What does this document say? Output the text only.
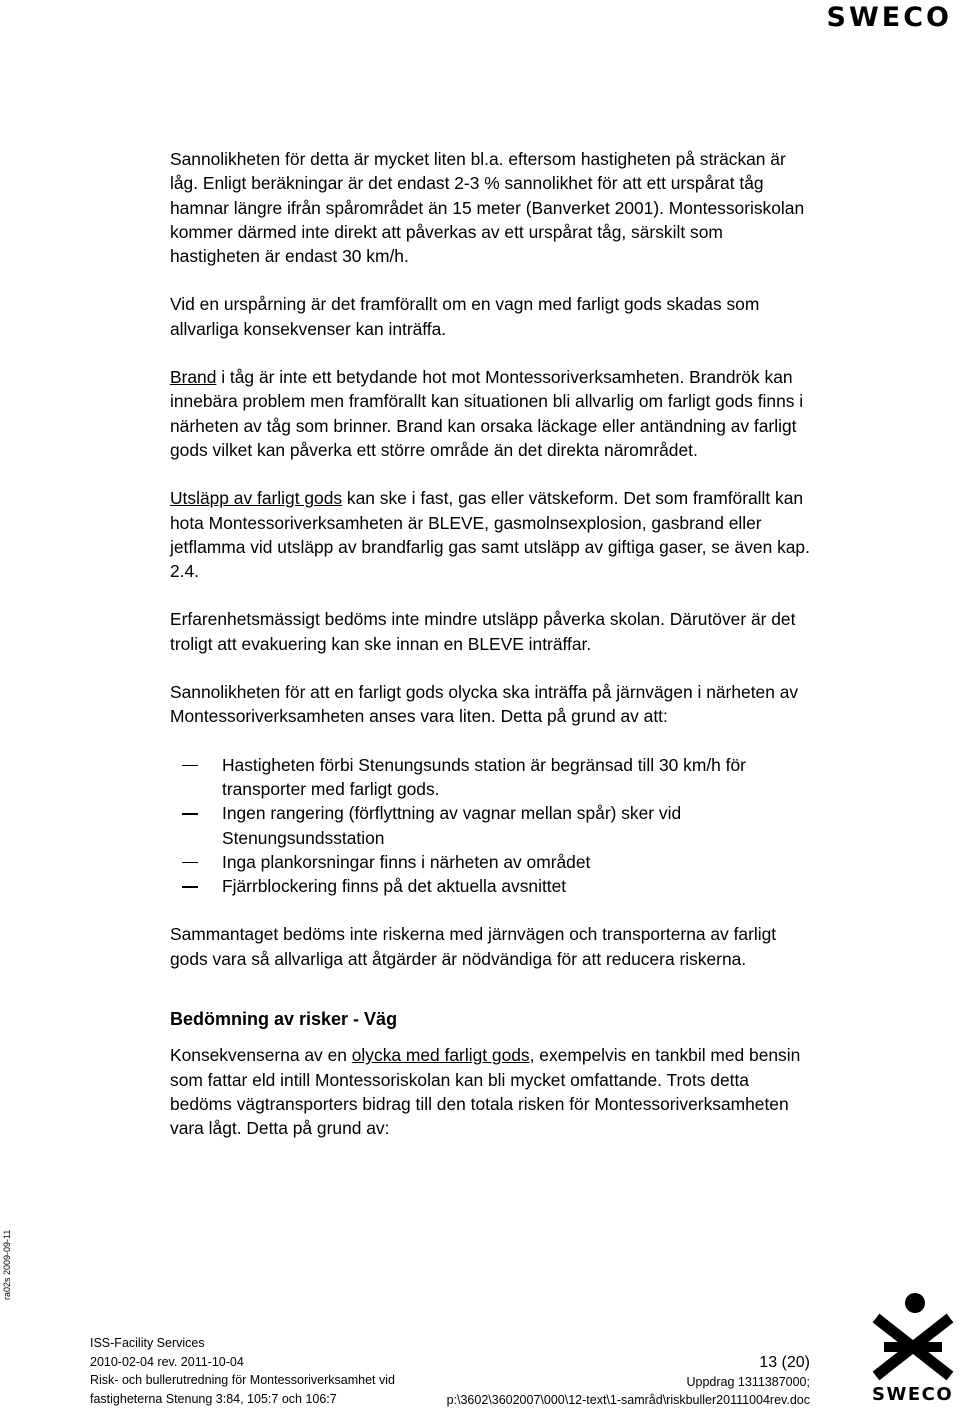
SWECO

Sannolikheten för detta är mycket liten bl.a. eftersom hastigheten på sträckan är låg. Enligt beräkningar är det endast 2-3 % sannolikhet för att ett urspårat tåg hamnar längre ifrån spårområdet än 15 meter (Banverket 2001). Montessoriskolan kommer därmed inte direkt att påverkas av ett urspårat tåg, särskilt som hastigheten är endast 30 km/h.

Vid en urspårning är det framförallt om en vagn med farligt gods skadas som allvarliga konsekvenser kan inträffa.

Brand i tåg är inte ett betydande hot mot Montessoriverksamheten. Brandrök kan innebära problem men framförallt kan situationen bli allvarlig om farligt gods finns i närheten av tåg som brinner. Brand kan orsaka läckage eller antändning av farligt gods vilket kan påverka ett större område än det direkta närområdet.

Utsläpp av farligt gods kan ske i fast, gas eller vätskeform. Det som framförallt kan hota Montessoriverksamheten är BLEVE, gasmolnsexplosion, gasbrand eller jetflamma vid utsläpp av brandfarlig gas samt utsläpp av giftiga gaser, se även kap. 2.4.

Erfarenhetsmässigt bedöms inte mindre utsläpp påverka skolan. Därutöver är det troligt att evakuering kan ske innan en BLEVE inträffar.

Sannolikheten för att en farligt gods olycka ska inträffa på järnvägen i närheten av Montessoriverksamheten anses vara liten. Detta på grund av att:

Hastigheten förbi Stenungsunds station är begränsad till 30 km/h för transporter med farligt gods.
Ingen rangering (förflyttning av vagnar mellan spår) sker vid Stenungsundsstation
Inga plankorsningar finns i närheten av området
Fjärrblockering finns på det aktuella avsnittet

Sammantaget bedöms inte riskerna med järnvägen och transporterna av farligt gods vara så allvarliga att åtgärder är nödvändiga för att reducera riskerna.

Bedömning av risker - Väg

Konsekvenserna av en olycka med farligt gods, exempelvis en tankbil med bensin som fattar eld intill Montessoriskolan kan bli mycket omfattande. Trots detta bedöms vägtransporters bidrag till den totala risken för Montessoriverksamheten vara lågt. Detta på grund av:

ra02s 2009-09-11
ISS-Facility Services
2010-02-04 rev. 2011-10-04
Risk- och bullerutredning för Montessoriverksamhet vid
fastigheterna Stenung 3:84, 105:7 och 106:7
13 (20)
Uppdrag 1311387000;
p:\3602\3602007\000\12-text\1-samråd\riskbuller20111004rev.doc	SWECO
